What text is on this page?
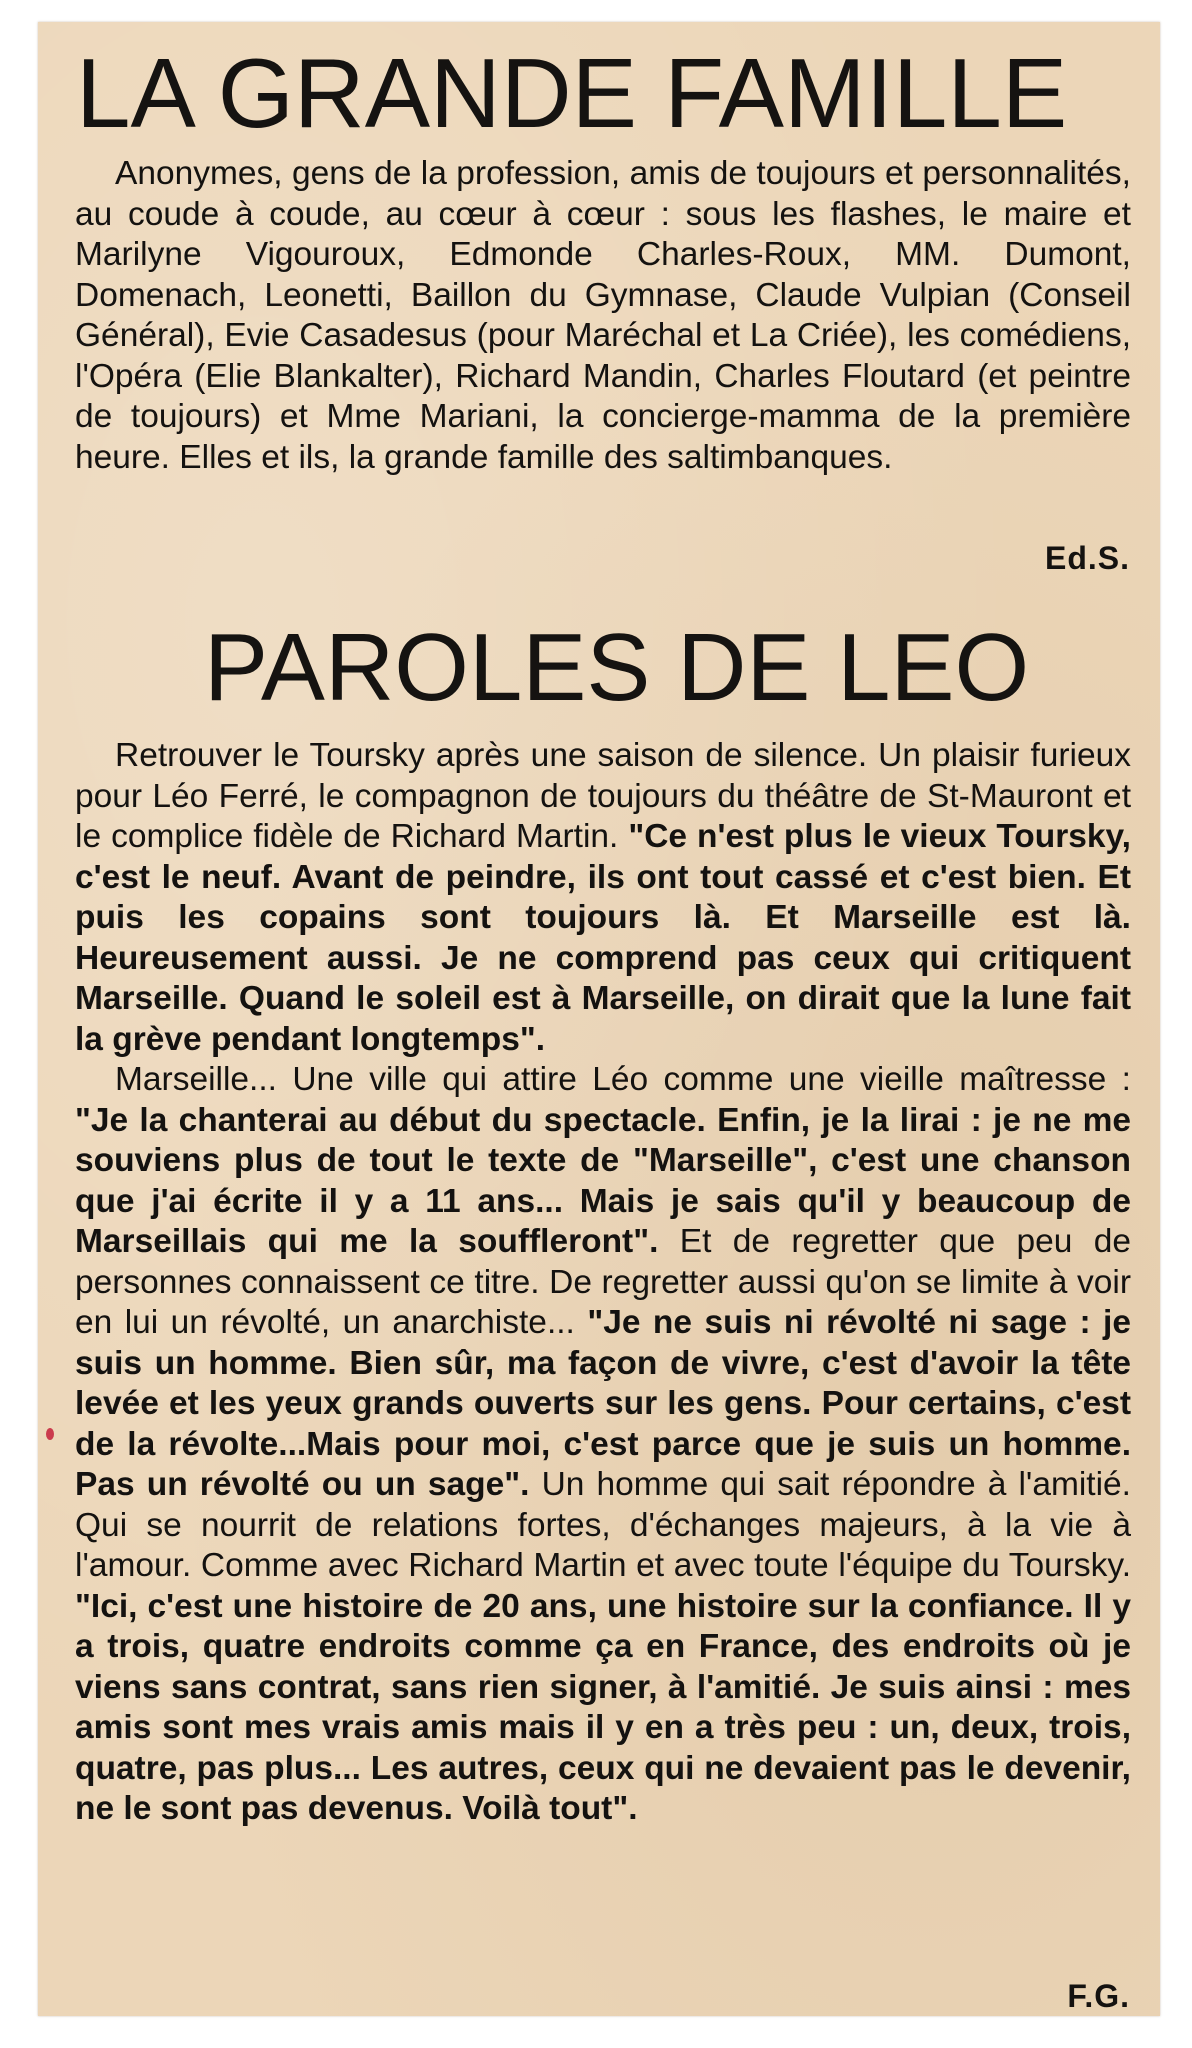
LA GRANDE FAMILLE

Anonymes, gens de la profession, amis de toujours et personnalités, au coude à coude, au cœur à cœur : sous les flashes, le maire et Marilyne Vigouroux, Edmonde Charles-Roux, MM. Dumont, Domenach, Leonetti, Baillon du Gymnase, Claude Vulpian (Conseil Général), Evie Casadesus (pour Maréchal et La Criée), les comédiens, l'Opéra (Elie Blankalter), Richard Mandin, Charles Floutard (et peintre de toujours) et Mme Mariani, la concierge-mamma de la première heure. Elles et ils, la grande famille des saltimbanques.

Ed.S.
PAROLES DE LEO

Retrouver le Toursky après une saison de silence. Un plaisir furieux pour Léo Ferré, le compagnon de toujours du théâtre de St-Mauront et le complice fidèle de Richard Martin. "Ce n'est plus le vieux Toursky, c'est le neuf. Avant de peindre, ils ont tout cassé et c'est bien. Et puis les copains sont toujours là. Et Marseille est là. Heureusement aussi. Je ne comprend pas ceux qui critiquent Marseille. Quand le soleil est à Marseille, on dirait que la lune fait la grève pendant longtemps".

Marseille... Une ville qui attire Léo comme une vieille maîtresse : "Je la chanterai au début du spectacle. Enfin, je la lirai : je ne me souviens plus de tout le texte de "Marseille", c'est une chanson que j'ai écrite il y a 11 ans... Mais je sais qu'il y beaucoup de Marseillais qui me la souffleront". Et de regretter que peu de personnes connaissent ce titre. De regretter aussi qu'on se limite à voir en lui un révolté, un anarchiste... "Je ne suis ni révolté ni sage : je suis un homme. Bien sûr, ma façon de vivre, c'est d'avoir la tête levée et les yeux grands ouverts sur les gens. Pour certains, c'est de la révolte...Mais pour moi, c'est parce que je suis un homme. Pas un révolté ou un sage". Un homme qui sait répondre à l'amitié. Qui se nourrit de relations fortes, d'échanges majeurs, à la vie à l'amour. Comme avec Richard Martin et avec toute l'équipe du Toursky. "Ici, c'est une histoire de 20 ans, une histoire sur la confiance. Il y a trois, quatre endroits comme ça en France, des endroits où je viens sans contrat, sans rien signer, à l'amitié. Je suis ainsi : mes amis sont mes vrais amis mais il y en a très peu : un, deux, trois, quatre, pas plus... Les autres, ceux qui ne devaient pas le devenir, ne le sont pas devenus. Voilà tout".

F.G.
